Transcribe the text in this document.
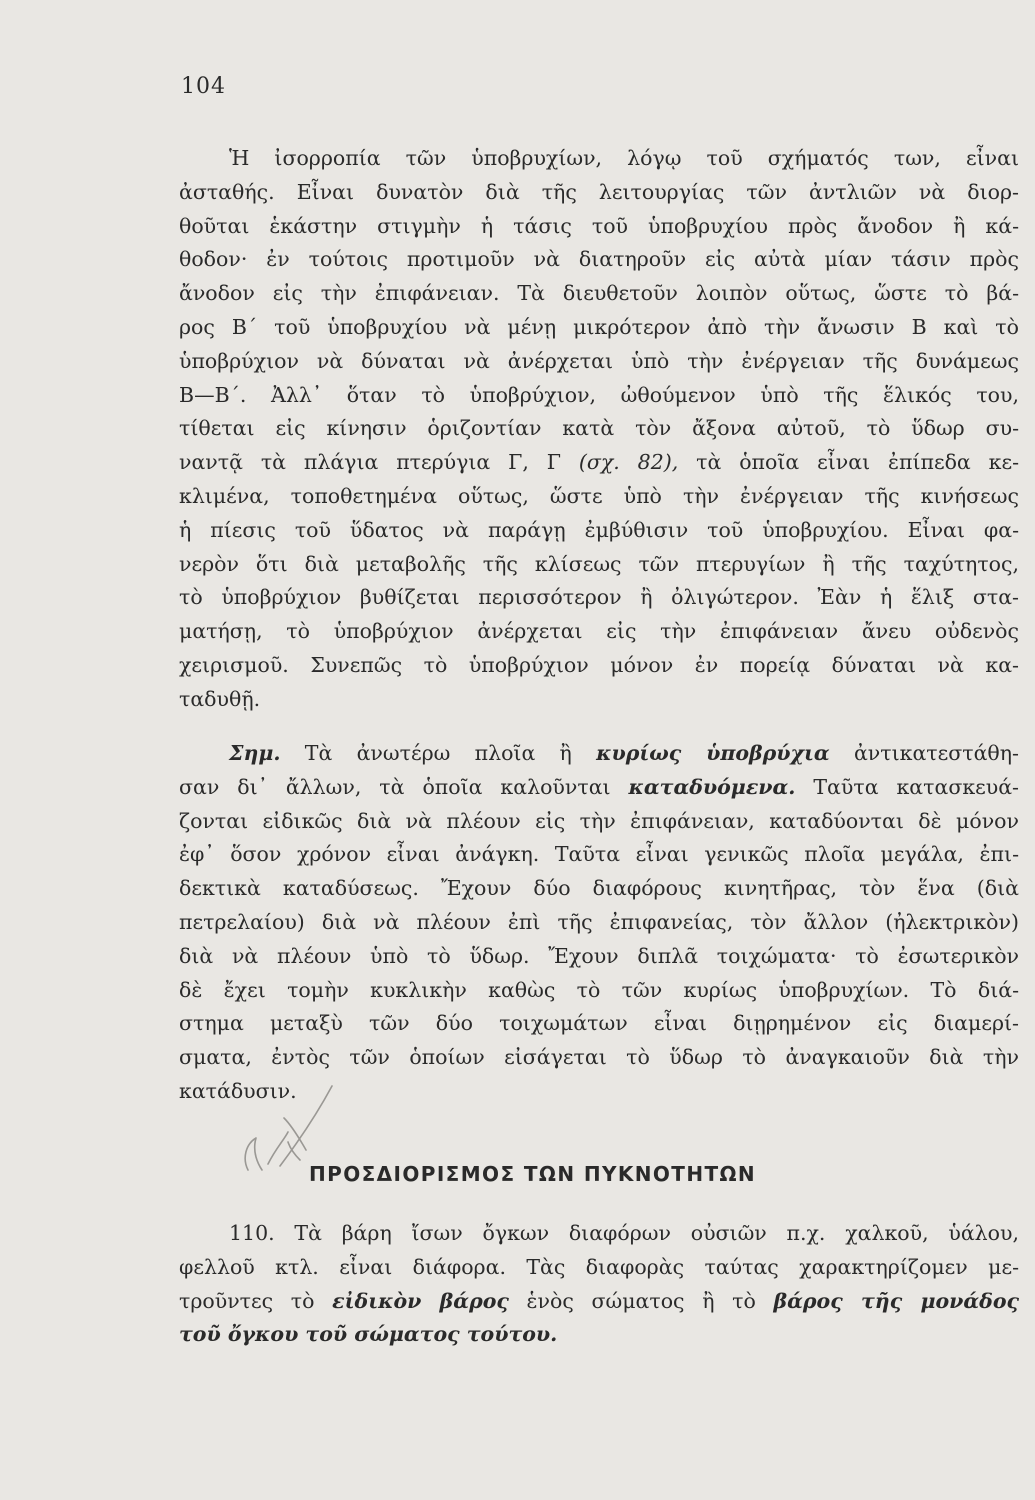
104
Ἡ ἰσορροπία τῶν ὑποβρυχίων, λόγῳ τοῦ σχήματός των, εἶναι
ἀσταθής. Εἶναι δυνατὸν διὰ τῆς λειτουργίας τῶν ἀντλιῶν νὰ διορ-
θοῦται ἑκάστην στιγμὴν ἡ τάσις τοῦ ὑποβρυχίου πρὸς ἄνοδον ἢ κά-
θοδον· ἐν τούτοις προτιμοῦν νὰ διατηροῦν εἰς αὐτὰ μίαν τάσιν πρὸς
ἄνοδον εἰς τὴν ἐπιφάνειαν. Τὰ διευθετοῦν λοιπὸν οὕτως, ὥστε τὸ βά-
ρος Β΄ τοῦ ὑποβρυχίου νὰ μένῃ μικρότερον ἀπὸ τὴν ἄνωσιν Β καὶ τὸ
ὑποβρύχιον νὰ δύναται νὰ ἀνέρχεται ὑπὸ τὴν ἐνέργειαν τῆς δυνάμεως
Β—Β΄. Ἀλλ᾽ ὅταν τὸ ὑποβρύχιον, ὠθούμενον ὑπὸ τῆς ἕλικός του,
τίθεται εἰς κίνησιν ὁριζοντίαν κατὰ τὸν ἄξονα αὐτοῦ, τὸ ὕδωρ συ-
ναντᾷ τὰ πλάγια πτερύγια Γ, Γ (σχ. 82), τὰ ὁποῖα εἶναι ἐπίπεδα κε-
κλιμένα, τοποθετημένα οὕτως, ὥστε ὑπὸ τὴν ἐνέργειαν τῆς κινήσεως
ἡ πίεσις τοῦ ὕδατος νὰ παράγῃ ἐμβύθισιν τοῦ ὑποβρυχίου. Εἶναι φα-
νερὸν ὅτι διὰ μεταβολῆς τῆς κλίσεως τῶν πτερυγίων ἢ τῆς ταχύτητος,
τὸ ὑποβρύχιον βυθίζεται περισσότερον ἢ ὀλιγώτερον. Ἐὰν ἡ ἕλιξ στα-
ματήσῃ, τὸ ὑποβρύχιον ἀνέρχεται εἰς τὴν ἐπιφάνειαν ἄνευ οὐδενὸς
χειρισμοῦ. Συνεπῶς τὸ ὑποβρύχιον μόνον ἐν πορείᾳ δύναται νὰ κα-
ταδυθῇ.
Σημ. Τὰ ἀνωτέρω πλοῖα ἢ κυρίως ὑποβρύχια ἀντικατεστάθη-
σαν δι᾽ ἄλλων, τὰ ὁποῖα καλοῦνται καταδυόμενα. Ταῦτα κατασκευά-
ζονται εἰδικῶς διὰ νὰ πλέουν εἰς τὴν ἐπιφάνειαν, καταδύονται δὲ μόνον
ἐφ᾽ ὅσον χρόνον εἶναι ἀνάγκη. Ταῦτα εἶναι γενικῶς πλοῖα μεγάλα, ἐπι-
δεκτικὰ καταδύσεως. Ἔχουν δύο διαφόρους κινητῆρας, τὸν ἕνα (διὰ
πετρελαίου) διὰ νὰ πλέουν ἐπὶ τῆς ἐπιφανείας, τὸν ἄλλον (ἠλεκτρικὸν)
διὰ νὰ πλέουν ὑπὸ τὸ ὕδωρ. Ἔχουν διπλᾶ τοιχώματα· τὸ ἐσωτερικὸν
δὲ ἔχει τομὴν κυκλικὴν καθὼς τὸ τῶν κυρίως ὑποβρυχίων. Τὸ διά-
στημα μεταξὺ τῶν δύο τοιχωμάτων εἶναι διῃρημένον εἰς διαμερί-
σματα, ἐντὸς τῶν ὁποίων εἰσάγεται τὸ ὕδωρ τὸ ἀναγκαιοῦν διὰ τὴν
κατάδυσιν.
ΠΡΟΣΔΙΟΡΙΣΜΟΣ ΤΩΝ ΠΥΚΝΟΤΗΤΩΝ
110. Τὰ βάρη ἴσων ὄγκων διαφόρων οὐσιῶν π.χ. χαλκοῦ, ὑάλου,
φελλοῦ κτλ. εἶναι διάφορα. Τὰς διαφορὰς ταύτας χαρακτηρίζομεν με-
τροῦντες τὸ εἰδικὸν βάρος ἑνὸς σώματος ἢ τὸ βάρος τῆς μονάδος
τοῦ ὄγκου τοῦ σώματος τούτου.
